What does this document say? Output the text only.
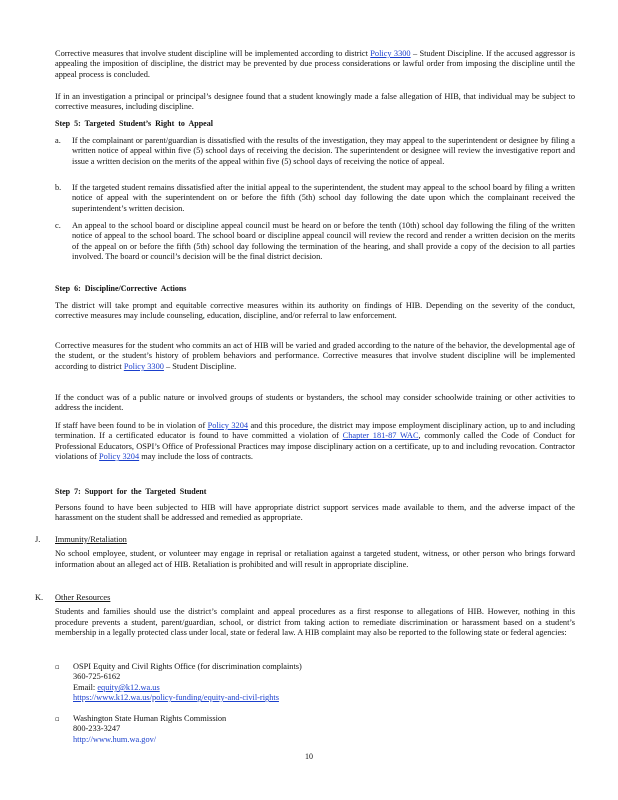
Corrective measures that involve student discipline will be implemented according to district Policy 3300 – Student Discipline. If the accused aggressor is appealing the imposition of discipline, the district may be prevented by due process considerations or lawful order from imposing the discipline until the appeal process is concluded.

If in an investigation a principal or principal’s designee found that a student knowingly made a false allegation of HIB, that individual may be subject to corrective measures, including discipline.

Step 5: Targeted Student’s Right to Appeal
a. If the complainant or parent/guardian is dissatisfied with the results of the investigation, they may appeal to the superintendent or designee by filing a written notice of appeal within five (5) school days of receiving the decision. The superintendent or designee will review the investigative report and issue a written decision on the merits of the appeal within five (5) school days of receiving the notice of appeal.

b. If the targeted student remains dissatisfied after the initial appeal to the superintendent, the student may appeal to the school board by filing a written notice of appeal with the superintendent on or before the fifth (5th) school day following the date upon which the complainant received the superintendent’s written decision.

c. An appeal to the school board or discipline appeal council must be heard on or before the tenth (10th) school day following the filing of the written notice of appeal to the school board. The school board or discipline appeal council will review the record and render a written decision on the merits of the appeal on or before the fifth (5th) school day following the termination of the hearing, and shall provide a copy of the decision to all parties involved. The board or council’s decision will be the final district decision.

Step 6: Discipline/Corrective Actions

The district will take prompt and equitable corrective measures within its authority on findings of HIB. Depending on the severity of the conduct, corrective measures may include counseling, education, discipline, and/or referral to law enforcement.

Corrective measures for the student who commits an act of HIB will be varied and graded according to the nature of the behavior, the developmental age of the student, or the student’s history of problem behaviors and performance. Corrective measures that involve student discipline will be implemented according to district Policy 3300 – Student Discipline.

If the conduct was of a public nature or involved groups of students or bystanders, the school may consider schoolwide training or other activities to address the incident.

If staff have been found to be in violation of Policy 3204 and this procedure, the district may impose employment disciplinary action, up to and including termination. If a certificated educator is found to have committed a violation of Chapter 181-87 WAC, commonly called the Code of Conduct for Professional Educators, OSPI’s Office of Professional Practices may impose disciplinary action on a certificate, up to and including revocation. Contractor violations of Policy 3204 may include the loss of contracts.

Step 7: Support for the Targeted Student

Persons found to have been subjected to HIB will have appropriate district support services made available to them, and the adverse impact of the harassment on the student shall be addressed and remedied as appropriate.

J. Immunity/Retaliation

No school employee, student, or volunteer may engage in reprisal or retaliation against a targeted student, witness, or other person who brings forward information about an alleged act of HIB. Retaliation is prohibited and will result in appropriate discipline.

K. Other Resources

Students and families should use the district’s complaint and appeal procedures as a first response to allegations of HIB. However, nothing in this procedure prevents a student, parent/guardian, school, or district from taking action to remediate discrimination or harassment based on a student’s membership in a legally protected class under local, state or federal law. A HIB complaint may also be reported to the following state or federal agencies:

▫ OSPI Equity and Civil Rights Office (for discrimination complaints)
360-725-6162
Email: equity@k12.wa.us
https://www.k12.wa.us/policy-funding/equity-and-civil-rights
▫ Washington State Human Rights Commission
800-233-3247
http://www.hum.wa.gov/
10
